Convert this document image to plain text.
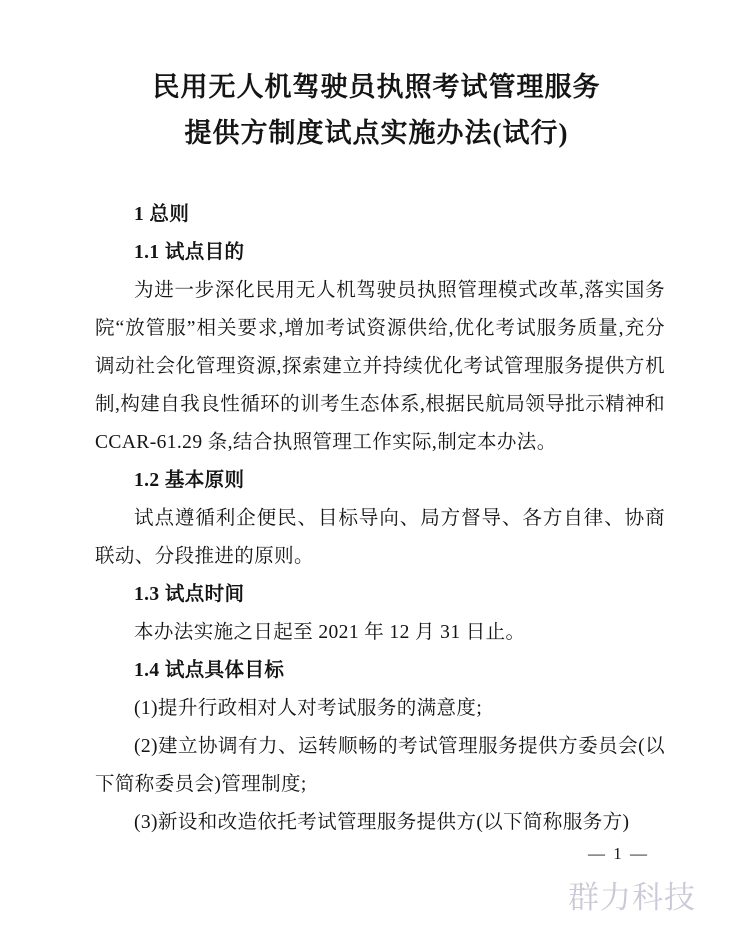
民用无人机驾驶员执照考试管理服务
提供方制度试点实施办法(试行)

1 总则

1.1 试点目的

为进一步深化民用无人机驾驶员执照管理模式改革,落实国务院“放管服”相关要求,增加考试资源供给,优化考试服务质量,充分调动社会化管理资源,探索建立并持续优化考试管理服务提供方机制,构建自我良性循环的训考生态体系,根据民航局领导批示精神和 CCAR-61.29 条,结合执照管理工作实际,制定本办法。

1.2 基本原则

试点遵循利企便民、目标导向、局方督导、各方自律、协商联动、分段推进的原则。

1.3 试点时间

本办法实施之日起至 2021 年 12 月 31 日止。

1.4 试点具体目标

(1)提升行政相对人对考试服务的满意度;

(2)建立协调有力、运转顺畅的考试管理服务提供方委员会(以下简称委员会)管理制度;

(3)新设和改造依托考试管理服务提供方(以下简称服务方)

— 1 —
群力科技
